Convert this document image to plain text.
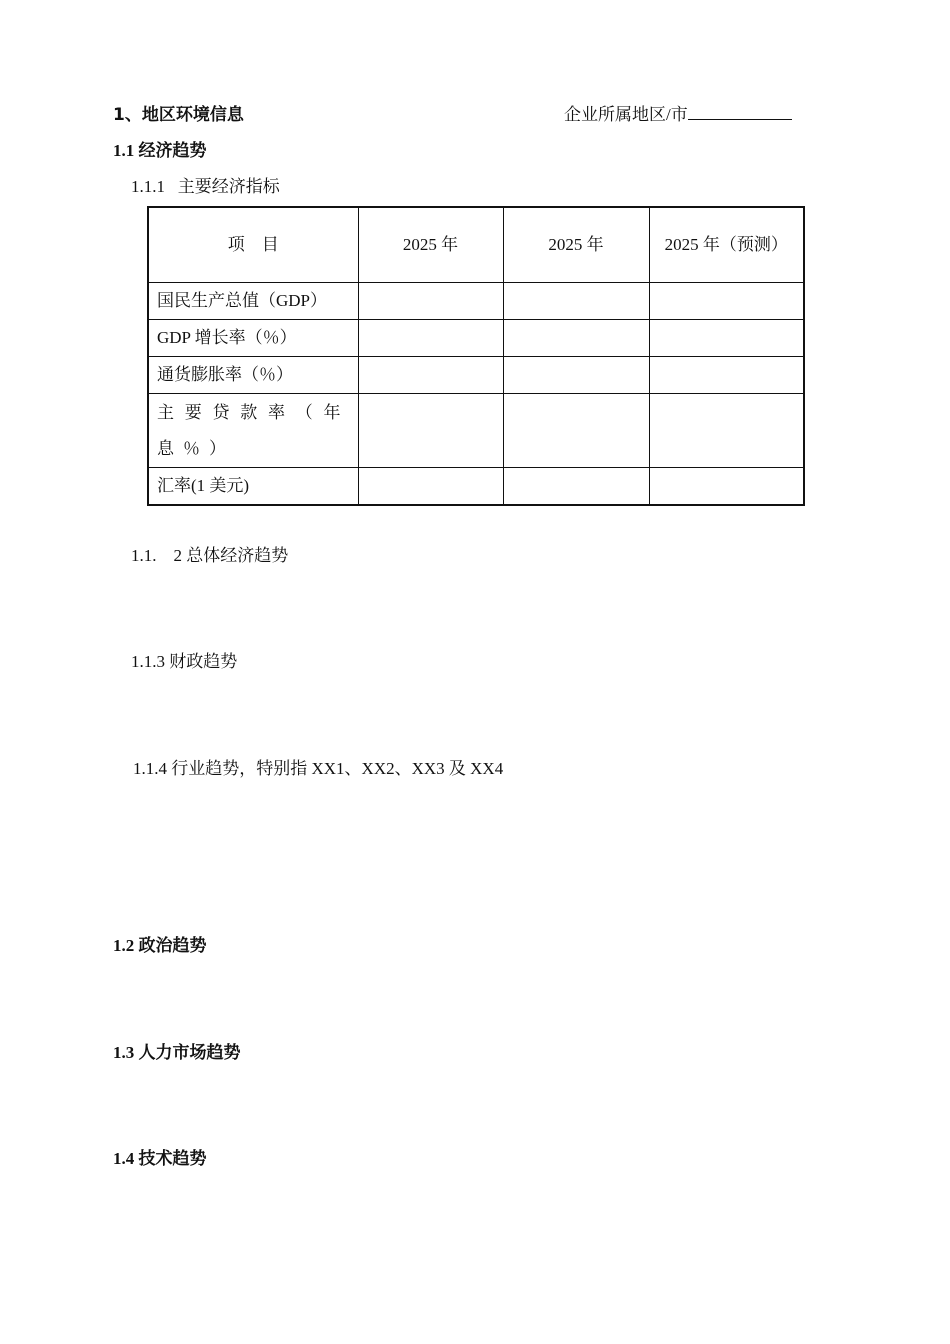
1、地区环境信息	企业所属地区/市
1.1 经济趋势
1.1.1   主要经济指标
项    目	2025 年	2025 年	2025 年（预测）

国民生产总值（GDP）			
GDP 增长率（％）			
通货膨胀率（％）			
主要贷款率（年息％）			
汇率(1 美元)			
1.1.    2 总体经济趋势
1.1.3 财政趋势
1.1.4 行业趋势，特别指 XX1、XX2、XX3 及 XX4
1.2 政治趋势
1.3 人力市场趋势
1.4 技术趋势
